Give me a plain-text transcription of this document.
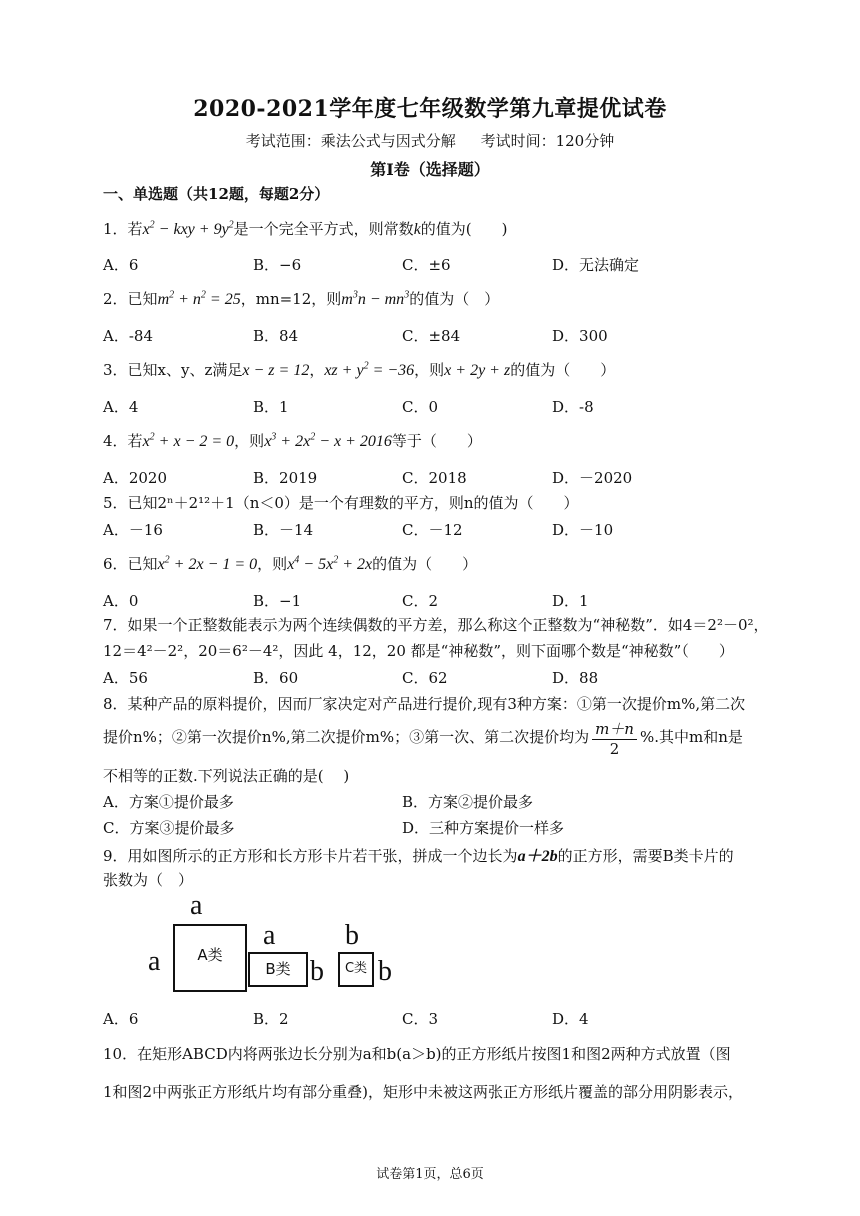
2020-2021学年度七年级数学第九章提优试卷
考试范围：乘法公式与因式分解 考试时间：120分钟
第Ⅰ卷（选择题）
一、单选题（共12题，每题2分）
1．若$x^2$ − kxy + $9y^2$是一个完全平方式，则常数k的值为(　　)
A．6	B．−6	C．±6	D．无法确定
2．已知$m^2 + n^2 = 25$，mn=12，则$m^3n - mn^3$的值为（　）
A．-84	B．84	C．±84	D．300
3．已知x、y、z满足x − z = 12，xz + $y^2 = -36$，则x + 2y + z的值为（　　）
A．4	B．1	C．0	D．-8
4．若$x^2 + x - 2 = 0$，则$x^3 + 2x^2 - x + 2016$等于（　　）
A．2020	B．2019	C．2018	D．－2020
5．已知2ⁿ＋2¹²＋1（n＜0）是一个有理数的平方，则n的值为（　　）
A．－16	B．－14	C．－12	D．－10
6．已知$x^2 + 2x - 1 = 0$，则$x^4 - 5x^2 + 2x$的值为（　　）
A．0	B．−1	C．2	D．1
7．如果一个正整数能表示为两个连续偶数的平方差，那么称这个正整数为“神秘数”．如4＝2²－0²，
12＝4²－2²，20＝6²－4²，因此 4，12，20 都是“神秘数”，则下面哪个数是“神秘数”（　　）
A．56	B．60	C．62	D．88
8．某种产品的原料提价，因而厂家决定对产品进行提价,现有3种方案：①第一次提价m%,第二次
提价n%；②第一次提价n%,第二次提价m%；③第一次、第二次提价均为 $\frac{m+n}{2}$ %.其中m和n是
不相等的正数.下列说法正确的是(　 )
A．方案①提价最多	B．方案②提价最多
C．方案③提价最多	D．三种方案提价一样多
9．用如图所示的正方形和长方形卡片若干张，拼成一个边长为a＋2b的正方形，需要B类卡片的
张数为（　）
a
a	A类
a
B类 b
b
C类 b
A．6	B．2	C．3	D．4
10．在矩形ABCD内将两张边长分别为a和b(a＞b)的正方形纸片按图1和图2两种方式放置（图
1和图2中两张正方形纸片均有部分重叠)，矩形中未被这两张正方形纸片覆盖的部分用阴影表示，
试卷第1页，总6页
